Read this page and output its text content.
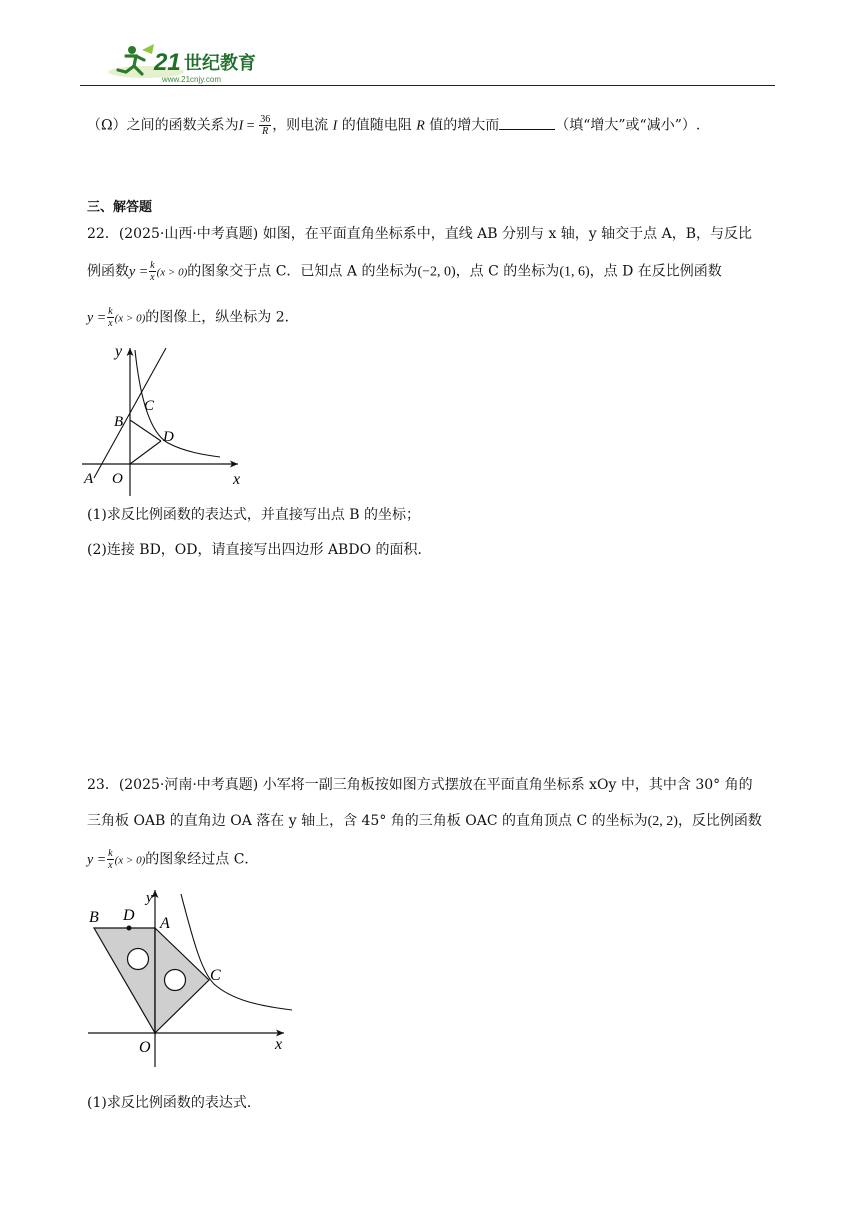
21 世纪教育
www.21cnjy.com
（Ω）之间的函数关系为$I = \frac{36}{R}$ ，则电流 I 的值随电阻 R 值的增大而	（填“增大”或“减小”）.
三、解答题
22．(2025·山西·中考真题) 如图，在平面直角坐标系中，直线 AB 分别与 x 轴，y 轴交于点 A，B，与反比
例函数$y = \frac{k}{x} (x > 0)$的图象交于点 C．已知点 A 的坐标为(−2, 0)，点 C 的坐标为(1, 6)，点 D 在反比例函数
$y = \frac{k}{x} (x > 0)$的图像上，纵坐标为 2．
y
x
B
C
D
O
A
(1)求反比例函数的表达式，并直接写出点 B 的坐标；
(2)连接 BD，OD，请直接写出四边形 ABDO 的面积．
23．(2025·河南·中考真题) 小军将一副三角板按如图方式摆放在平面直角坐标系 xOy 中，其中含 30° 角的
三角板 OAB 的直角边 OA 落在 y 轴上，含 45° 角的三角板 OAC 的直角顶点 C 的坐标为(2, 2)，反比例函数
$y = \frac{k}{x} (x > 0)$的图象经过点 C．
y
x
B D A
C
O
(1)求反比例函数的表达式．
